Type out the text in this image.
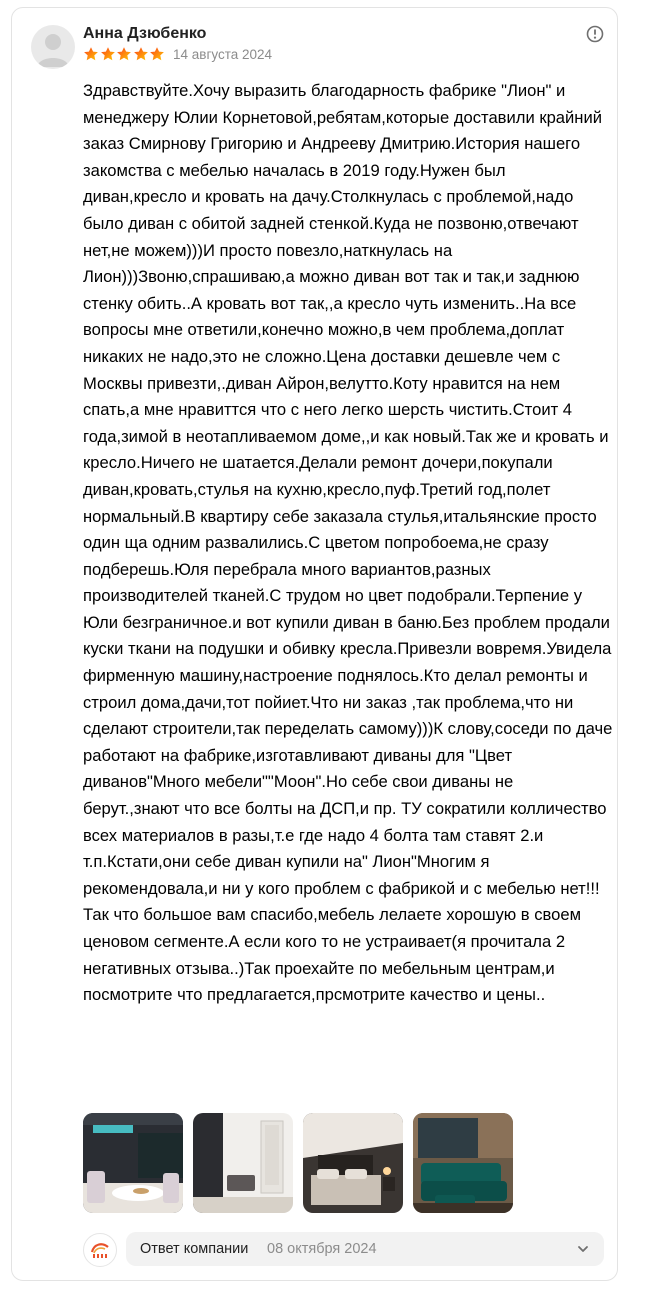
Анна Дзюбенко
14 августа 2024
Здравствуйте.Хочу выразить благодарность фабрике "Лион" и менеджеру Юлии Корнетовой,ребятам,которые доставили крайний заказ Смирнову Григорию и Андрееву Дмитрию.История нашего закомства с мебелью началась в 2019 году.Нужен был диван,кресло и кровать на дачу.Столкнулась с проблемой,надо было диван с обитой задней стенкой.Куда не позвоню,отвечают нет,не можем)))И просто повезло,наткнулась на Лион)))Звоню,спрашиваю,а можно диван вот так и так,и заднюю стенку обить..А кровать вот так,,а кресло чуть изменить..На все вопросы мне ответили,конечно можно,в чем проблема,доплат никаких не надо,это не сложно.Цена доставки дешевле чем с Москвы привезти,.диван Айрон,велутто.Коту нравится на нем спать,а мне нравиттся что с него легко шерсть чистить.Стоит 4 года,зимой в неотапливаемом доме,,и как новый.Так же и кровать и кресло.Ничего не шатается.Делали ремонт дочери,покупали диван,кровать,стулья на кухню,кресло,пуф.Третий год,полет нормальный.В квартиру себе заказала стулья,итальянские просто один ща одним развалились.С цветом попробоема,не сразу подберешь.Юля перебрала много вариантов,разных производителей тканей.С трудом но цвет подобрали.Терпение у Юли безграничное.и вот купили диван в баню.Без проблем продали куски ткани на подушки и обивку кресла.Привезли вовремя.Увидела фирменную машину,настроение поднялось.Кто делал ремонты и строил дома,дачи,тот пойиет.Что ни заказ ,так проблема,что ни сделают строители,так переделать самому)))К слову,соседи по даче работают на фабрике,изготавливают диваны для "Цвет диванов"Много мебели""Моон".Но себе свои диваны не берут.,знают что все болты на ДСП,и пр. ТУ сократили колличество всех материалов в разы,т.е где надо 4 болта там ставят 2.и т.п.Кстати,они себе диван купили на" Лион"Многим я рекомендовала,и ни у кого проблем с фабрикой и с мебелью нет!!!Так что большое вам спасибо,мебель лелаете хорошую в своем ценовом сегменте.А если кого то не устраивает(я прочитала 2 негативных отзыва..)Так проехайте по мебельным центрам,и посмотрите что предлагается,прсмотрите качество и цены..
Ответ компании 08 октября 2024
